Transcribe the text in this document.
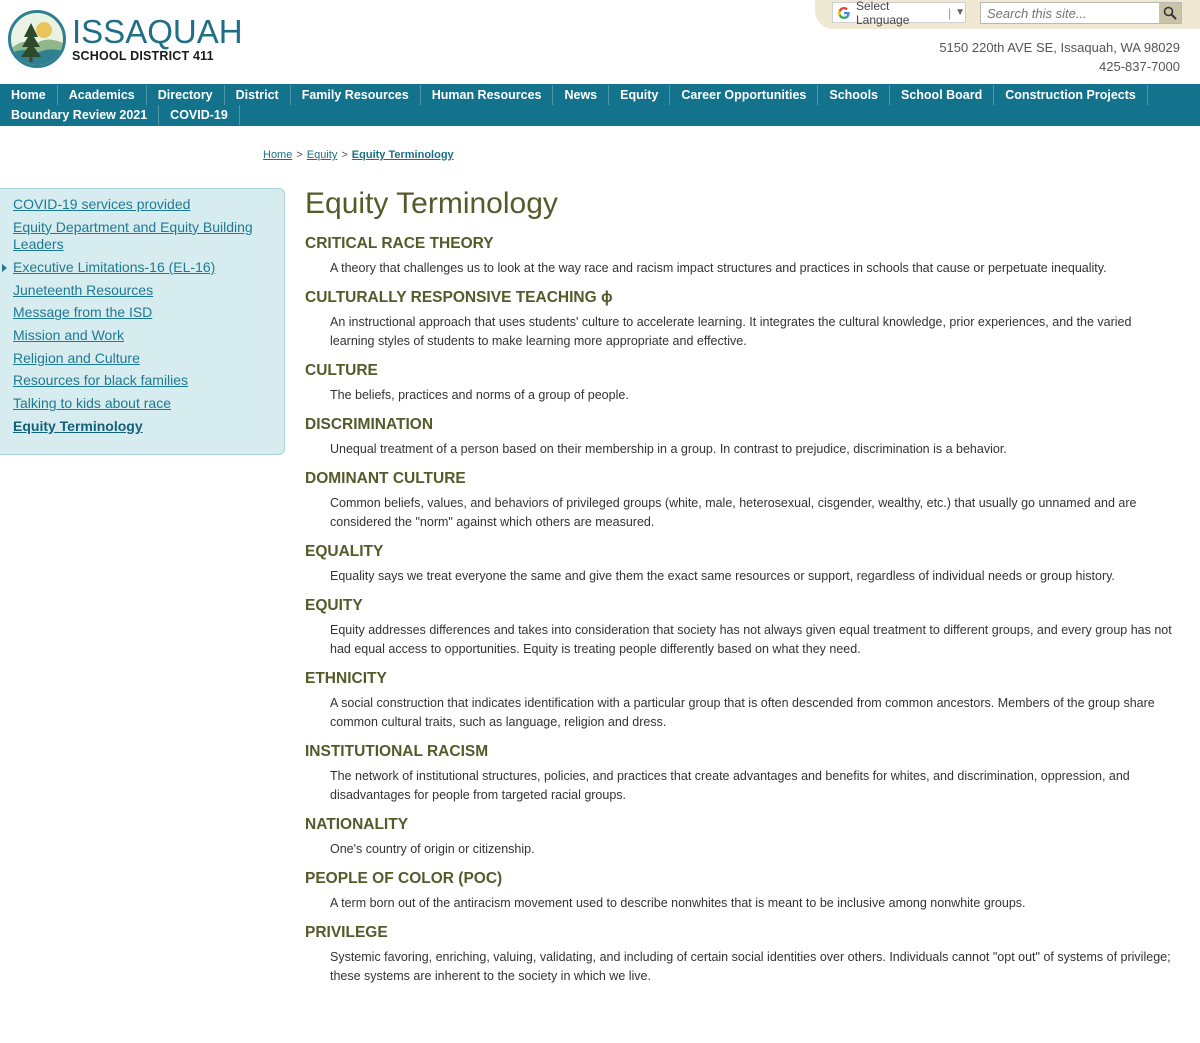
ISSAQUAH
SCHOOL DISTRICT 411
Select Language	| ▼
Search this site...
5150 220th AVE SE, Issaquah, WA 98029
425-837-7000
Home	Academics	Directory	District	Family Resources	Human Resources	News	Equity	Career Opportunities	Schools	School Board	Construction Projects
Boundary Review 2021	COVID-19
Home > Equity > Equity Terminology
COVID-19 services provided
Equity Department and Equity Building Leaders
Executive Limitations-16 (EL-16)
Juneteenth Resources
Message from the ISD
Mission and Work
Religion and Culture
Resources for black families
Talking to kids about race
Equity Terminology
Equity Terminology
CRITICAL RACE THEORY

A theory that challenges us to look at the way race and racism impact structures and practices in schools that cause or perpetuate inequality.

CULTURALLY RESPONSIVE TEACHING ɸ

An instructional approach that uses students' culture to accelerate learning. It integrates the cultural knowledge, prior experiences, and the varied learning styles of students to make learning more appropriate and effective.

CULTURE

The beliefs, practices and norms of a group of people.

DISCRIMINATION

Unequal treatment of a person based on their membership in a group. In contrast to prejudice, discrimination is a behavior.

DOMINANT CULTURE

Common beliefs, values, and behaviors of privileged groups (white, male, heterosexual, cisgender, wealthy, etc.) that usually go unnamed and are considered the "norm" against which others are measured.

EQUALITY

Equality says we treat everyone the same and give them the exact same resources or support, regardless of individual needs or group history.

EQUITY

Equity addresses differences and takes into consideration that society has not always given equal treatment to different groups, and every group has not had equal access to opportunities. Equity is treating people differently based on what they need.

ETHNICITY

A social construction that indicates identification with a particular group that is often descended from common ancestors. Members of the group share common cultural traits, such as language, religion and dress.

INSTITUTIONAL RACISM

The network of institutional structures, policies, and practices that create advantages and benefits for whites, and discrimination, oppression, and disadvantages for people from targeted racial groups.

NATIONALITY

One's country of origin or citizenship.

PEOPLE OF COLOR (POC)

A term born out of the antiracism movement used to describe nonwhites that is meant to be inclusive among nonwhite groups.

PRIVILEGE

Systemic favoring, enriching, valuing, validating, and including of certain social identities over others. Individuals cannot "opt out" of systems of privilege; these systems are inherent to the society in which we live.
